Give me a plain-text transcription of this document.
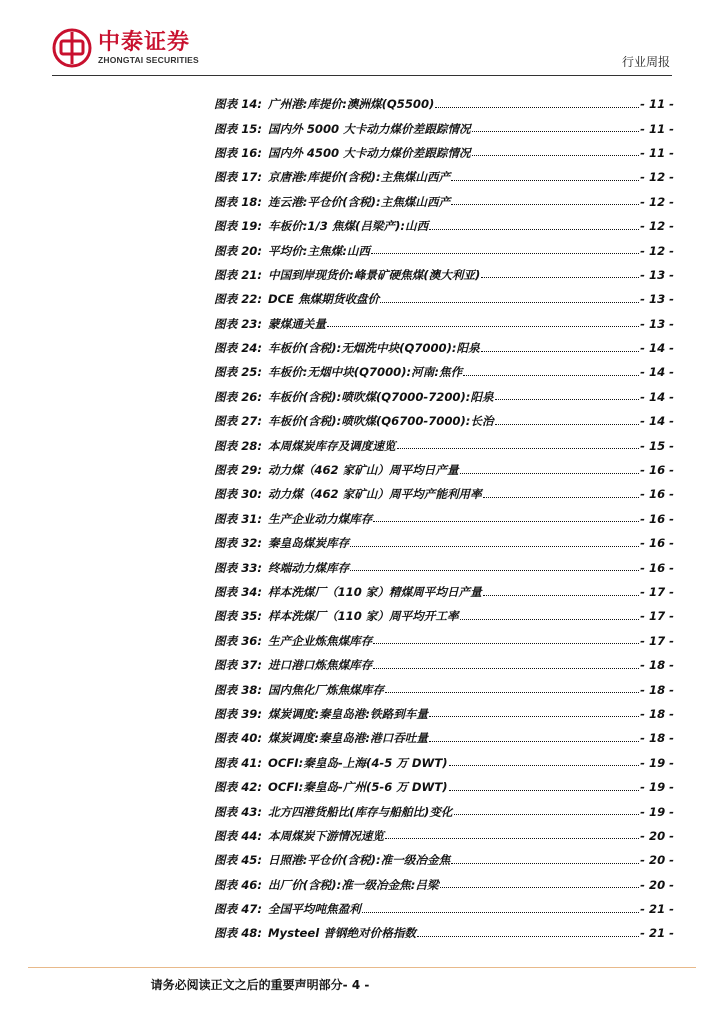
中泰证券
ZHONGTAI SECURITIES	行业周报
图表 14: 广州港:库提价:澳洲煤(Q5500)	- 11 -
图表 15: 国内外 5000 大卡动力煤价差跟踪情况	- 11 -
图表 16: 国内外 4500 大卡动力煤价差跟踪情况	- 11 -
图表 17: 京唐港:库提价(含税):主焦煤山西产	- 12 -
图表 18: 连云港:平仓价(含税):主焦煤山西产	- 12 -
图表 19: 车板价:1/3 焦煤(吕梁产):山西	- 12 -
图表 20: 平均价:主焦煤:山西	- 12 -
图表 21: 中国到岸现货价:峰景矿硬焦煤(澳大利亚)	- 13 -
图表 22: DCE 焦煤期货收盘价	- 13 -
图表 23: 蒙煤通关量	- 13 -
图表 24: 车板价(含税):无烟洗中块(Q7000):阳泉	- 14 -
图表 25: 车板价:无烟中块(Q7000):河南:焦作	- 14 -
图表 26: 车板价(含税):喷吹煤(Q7000-7200):阳泉	- 14 -
图表 27: 车板价(含税):喷吹煤(Q6700-7000):长治	- 14 -
图表 28: 本周煤炭库存及调度速览	- 15 -
图表 29: 动力煤（462 家矿山）周平均日产量	- 16 -
图表 30: 动力煤（462 家矿山）周平均产能利用率	- 16 -
图表 31: 生产企业动力煤库存	- 16 -
图表 32: 秦皇岛煤炭库存	- 16 -
图表 33: 终端动力煤库存	- 16 -
图表 34: 样本洗煤厂（110 家）精煤周平均日产量	- 17 -
图表 35: 样本洗煤厂（110 家）周平均开工率	- 17 -
图表 36: 生产企业炼焦煤库存	- 17 -
图表 37: 进口港口炼焦煤库存	- 18 -
图表 38: 国内焦化厂炼焦煤库存	- 18 -
图表 39: 煤炭调度:秦皇岛港:铁路到车量	- 18 -
图表 40: 煤炭调度:秦皇岛港:港口吞吐量	- 18 -
图表 41: OCFI:秦皇岛-上海(4-5 万 DWT)	- 19 -
图表 42: OCFI:秦皇岛-广州(5-6 万 DWT)	- 19 -
图表 43: 北方四港货船比(库存与船舶比)变化	- 19 -
图表 44: 本周煤炭下游情况速览	- 20 -
图表 45: 日照港:平仓价(含税):准一级冶金焦	- 20 -
图表 46: 出厂价(含税):准一级冶金焦:吕梁	- 20 -
图表 47: 全国平均吨焦盈利	- 21 -
图表 48: Mysteel 普钢绝对价格指数	- 21 -
请务必阅读正文之后的重要声明部分- 4 -
